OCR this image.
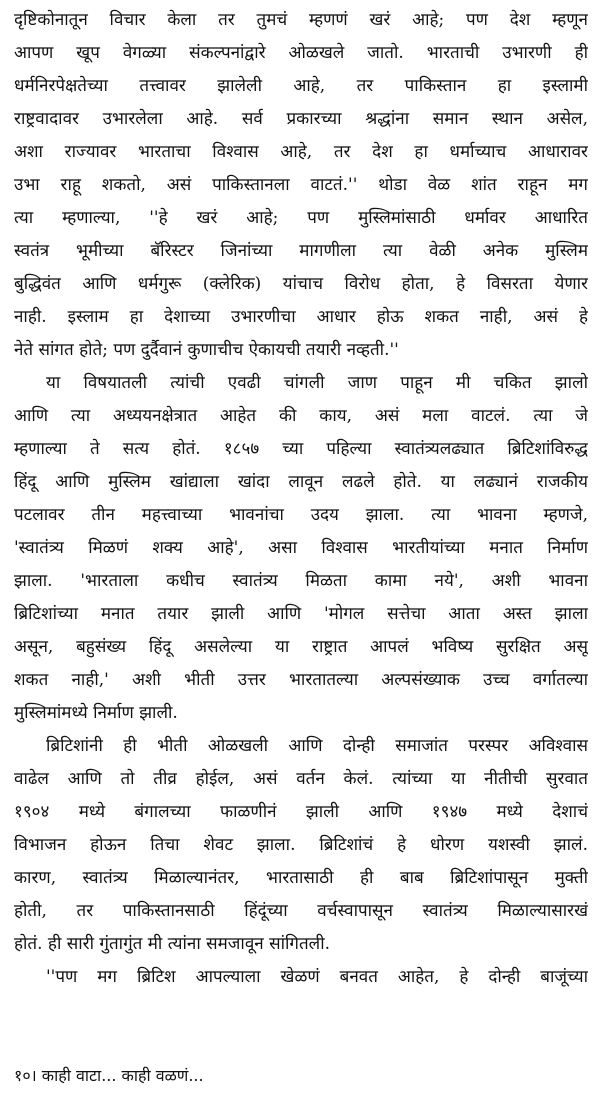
दृष्टिकोनातून विचार केला तर तुमचं म्हणणं खरं आहे; पण देश म्हणून
आपण खूप वेगळ्या संकल्पनांद्वारे ओळखले जातो. भारताची उभारणी ही
धर्मनिरपेक्षतेच्या तत्त्वावर झालेली आहे, तर पाकिस्तान हा इस्लामी
राष्ट्रवादावर उभारलेला आहे. सर्व प्रकारच्या श्रद्धांना समान स्थान असेल,
अशा राज्यावर भारताचा विश्वास आहे, तर देश हा धर्माच्याच आधारावर
उभा राहू शकतो, असं पाकिस्तानला वाटतं.'' थोडा वेळ शांत राहून मग
त्या म्हणाल्या, ''हे खरं आहे; पण मुस्लिमांसाठी धर्मावर आधारित
स्वतंत्र भूमीच्या बॅरिस्टर जिनांच्या मागणीला त्या वेळी अनेक मुस्लिम
बुद्धिवंत आणि धर्मगुरू (क्लेरिक) यांचाच विरोध होता, हे विसरता येणार
नाही. इस्लाम हा देशाच्या उभारणीचा आधार होऊ शकत नाही, असं हे
नेते सांगत होते; पण दुर्दैवानं कुणाचीच ऐकायची तयारी नव्हती.''
या विषयातली त्यांची एवढी चांगली जाण पाहून मी चकित झालो
आणि त्या अध्ययनक्षेत्रात आहेत की काय, असं मला वाटलं. त्या जे
म्हणाल्या ते सत्य होतं. १८५७ च्या पहिल्या स्वातंत्र्यलढ्यात ब्रिटिशांविरुद्ध
हिंदू आणि मुस्लिम खांद्याला खांदा लावून लढले होते. या लढ्यानं राजकीय
पटलावर तीन महत्त्वाच्या भावनांचा उदय झाला. त्या भावना म्हणजे,
'स्वातंत्र्य मिळणं शक्य आहे', असा विश्वास भारतीयांच्या मनात निर्माण
झाला. 'भारताला कधीच स्वातंत्र्य मिळता कामा नये', अशी भावना
ब्रिटिशांच्या मनात तयार झाली आणि 'मोगल सत्तेचा आता अस्त झाला
असून, बहुसंख्य हिंदू असलेल्या या राष्ट्रात आपलं भविष्य सुरक्षित असू
शकत नाही,' अशी भीती उत्तर भारतातल्या अल्पसंख्याक उच्च वर्गातल्या
मुस्लिमांमध्ये निर्माण झाली.
ब्रिटिशांनी ही भीती ओळखली आणि दोन्ही समाजांत परस्पर अविश्वास
वाढेल आणि तो तीव्र होईल, असं वर्तन केलं. त्यांच्या या नीतीची सुरवात
१९०४ मध्ये बंगालच्या फाळणीनं झाली आणि १९४७ मध्ये देशाचं
विभाजन होऊन तिचा शेवट झाला. ब्रिटिशांचं हे धोरण यशस्वी झालं.
कारण, स्वातंत्र्य मिळाल्यानंतर, भारतासाठी ही बाब ब्रिटिशांपासून मुक्ती
होती, तर पाकिस्तानसाठी हिंदूंच्या वर्चस्वापासून स्वातंत्र्य मिळाल्यासारखं
होतं. ही सारी गुंतागुंत मी त्यांना समजावून सांगितली.
''पण मग ब्रिटिश आपल्याला खेळणं बनवत आहेत, हे दोन्ही बाजूंच्या
१०। काही वाटा... काही वळणं...
